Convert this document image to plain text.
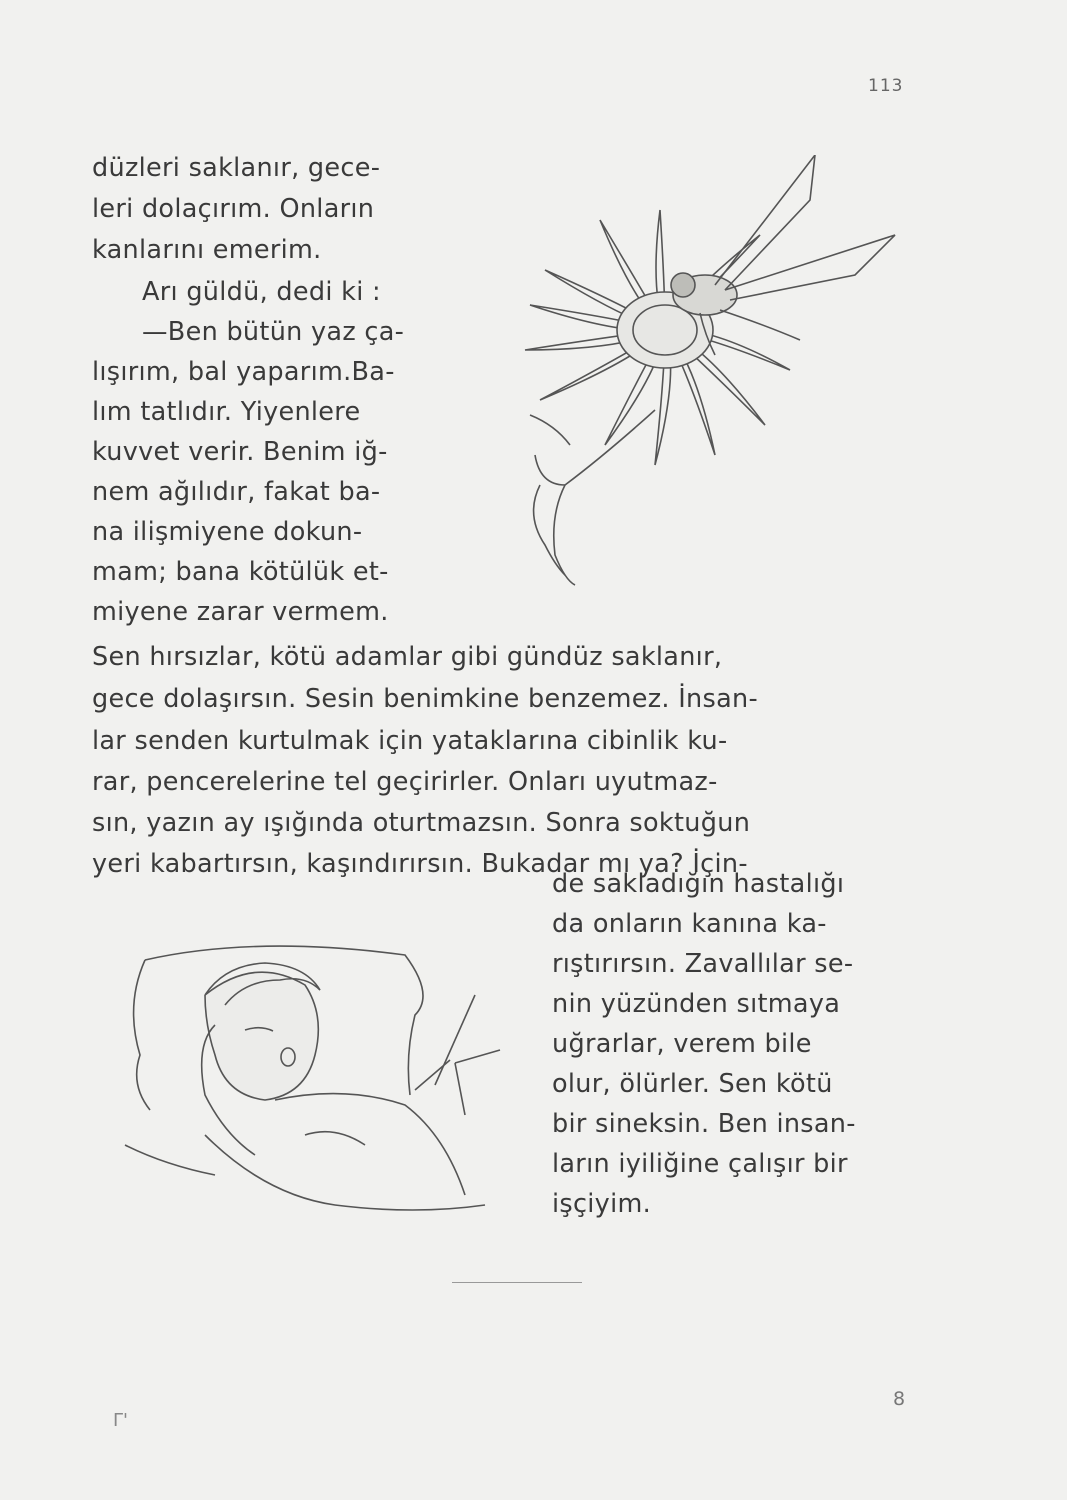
113
düzleri saklanır, gece-
leri dolaçırım. Onların
kanlarını emerim.
Arı güldü, dedi ki :
—Ben bütün yaz ça-
lışırım, bal yaparım.Ba-
lım tatlıdır. Yiyenlere
kuvvet verir. Benim iğ-
nem ağılıdır, fakat ba-
na ilişmiyene dokun-
mam; bana kötülük et-
miyene zarar vermem.
Sen hırsızlar, kötü adamlar gibi gündüz saklanır,
gece dolaşırsın. Sesin benimkine benzemez. İnsan-
lar senden kurtulmak için yataklarına cibinlik ku-
rar, pencerelerine tel geçirirler. Onları uyutmaz-
sın, yazın ay ışığında oturtmazsın. Sonra soktuğun
yeri kabartırsın, kaşındırırsın. Bukadar mı ya? İçin-
de sakladığın hastalığı
da onların kanına ka-
rıştırırsın. Zavallılar se-
nin yüzünden sıtmaya
uğrarlar, verem bile
olur, ölürler. Sen kötü
bir sineksin. Ben insan-
ların iyiliğine çalışır bir
işçiyim.
8
Γ'
